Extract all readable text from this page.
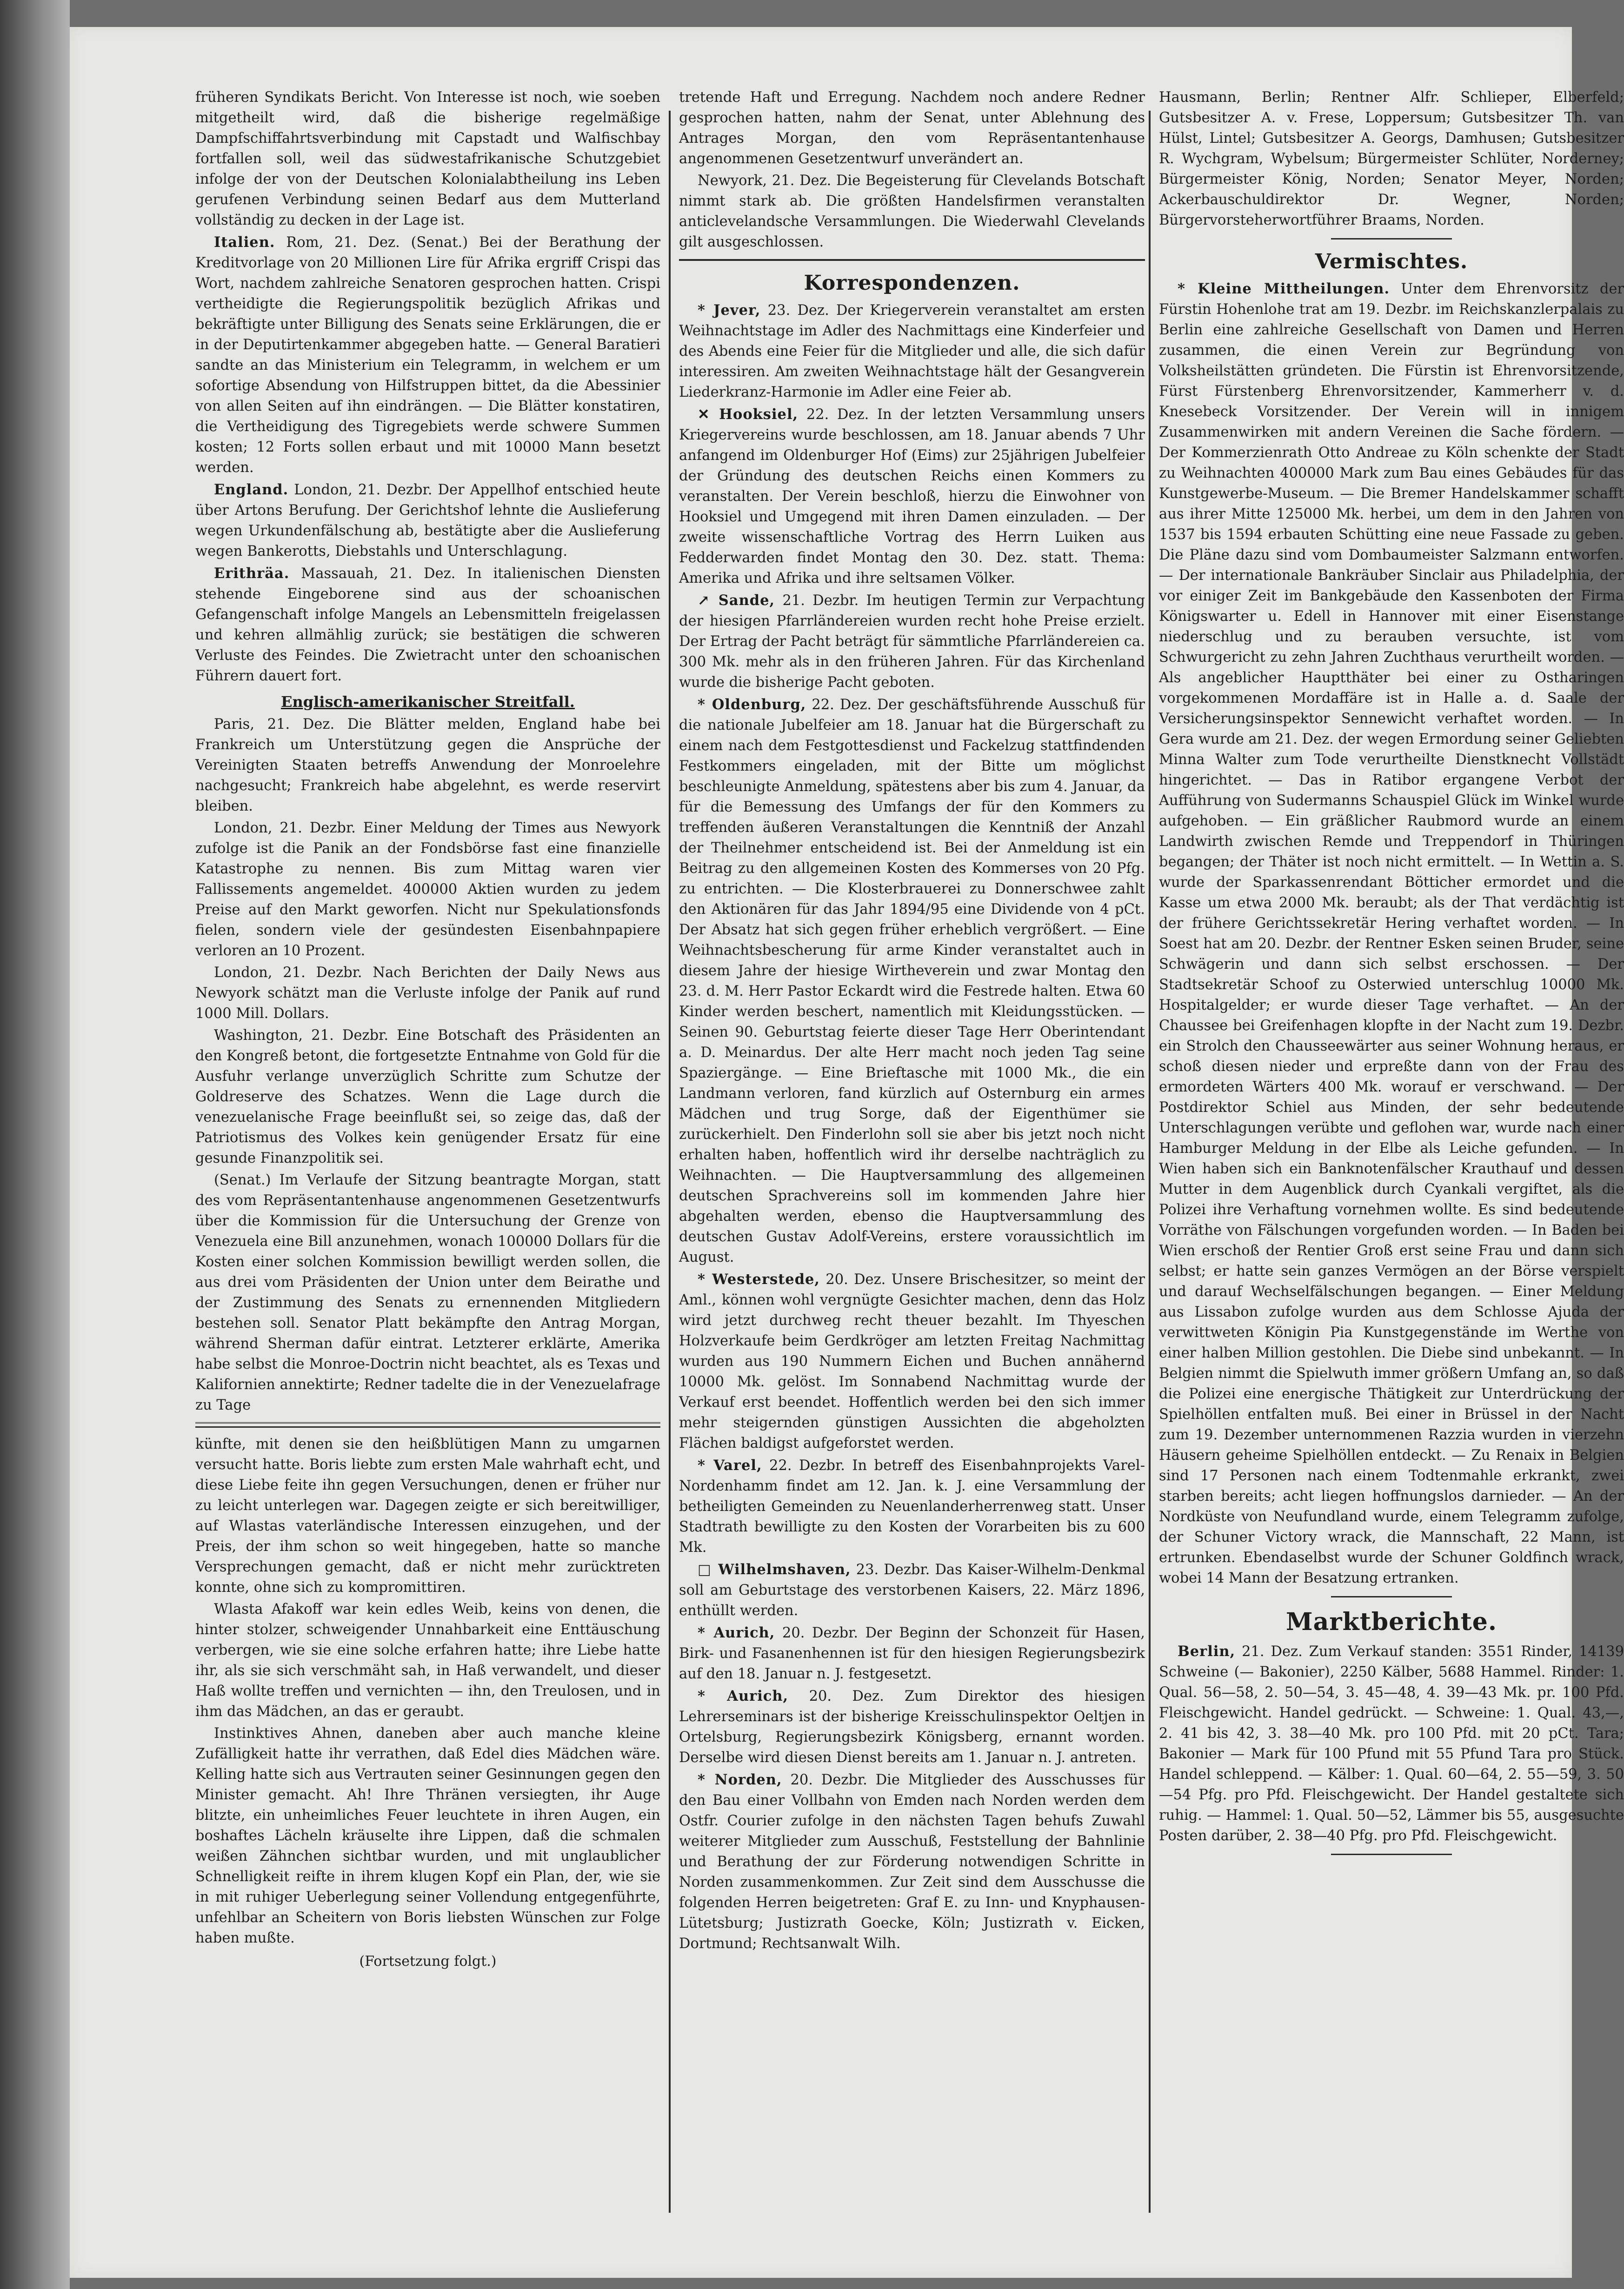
früheren Syndikats Bericht. Von Interesse ist noch, wie soeben mitgetheilt wird, daß die bisherige regelmäßige Dampfschiffahrtsverbindung mit Capstadt und Walfischbay fortfallen soll, weil das südwestafrikanische Schutzgebiet infolge der von der Deutschen Kolonialabtheilung ins Leben gerufenen Verbindung seinen Bedarf aus dem Mutterland vollständig zu decken in der Lage ist.

Italien. Rom, 21. Dez. (Senat.) Bei der Berathung der Kreditvorlage von 20 Millionen Lire für Afrika ergriff Crispi das Wort, nachdem zahlreiche Senatoren gesprochen hatten. Crispi vertheidigte die Regierungspolitik bezüglich Afrikas und bekräftigte unter Billigung des Senats seine Erklärungen, die er in der Deputirtenkammer abgegeben hatte. — General Baratieri sandte an das Ministerium ein Telegramm, in welchem er um sofortige Absendung von Hilfstruppen bittet, da die Abessinier von allen Seiten auf ihn eindrängen. — Die Blätter konstatiren, die Vertheidigung des Tigregebiets werde schwere Summen kosten; 12 Forts sollen erbaut und mit 10000 Mann besetzt werden.

England. London, 21. Dezbr. Der Appellhof entschied heute über Artons Berufung. Der Gerichtshof lehnte die Auslieferung wegen Urkundenfälschung ab, bestätigte aber die Auslieferung wegen Bankerotts, Diebstahls und Unterschlagung.

Erithräa. Massauah, 21. Dez. In italienischen Diensten stehende Eingeborene sind aus der schoanischen Gefangenschaft infolge Mangels an Lebensmitteln freigelassen und kehren allmählig zurück; sie bestätigen die schweren Verluste des Feindes. Die Zwietracht unter den schoanischen Führern dauert fort.

Englisch-amerikanischer Streitfall.

Paris, 21. Dez. Die Blätter melden, England habe bei Frankreich um Unterstützung gegen die Ansprüche der Vereinigten Staaten betreffs Anwendung der Monroelehre nachgesucht; Frankreich habe abgelehnt, es werde reservirt bleiben.

London, 21. Dezbr. Einer Meldung der Times aus Newyork zufolge ist die Panik an der Fondsbörse fast eine finanzielle Katastrophe zu nennen. Bis zum Mittag waren vier Fallissements angemeldet. 400000 Aktien wurden zu jedem Preise auf den Markt geworfen. Nicht nur Spekulationsfonds fielen, sondern viele der gesündesten Eisenbahnpapiere verloren an 10 Prozent.

London, 21. Dezbr. Nach Berichten der Daily News aus Newyork schätzt man die Verluste infolge der Panik auf rund 1000 Mill. Dollars.

Washington, 21. Dezbr. Eine Botschaft des Präsidenten an den Kongreß betont, die fortgesetzte Entnahme von Gold für die Ausfuhr verlange unverzüglich Schritte zum Schutze der Goldreserve des Schatzes. Wenn die Lage durch die venezuelanische Frage beeinflußt sei, so zeige das, daß der Patriotismus des Volkes kein genügender Ersatz für eine gesunde Finanzpolitik sei.

(Senat.) Im Verlaufe der Sitzung beantragte Morgan, statt des vom Repräsentantenhause angenommenen Gesetzentwurfs über die Kommission für die Untersuchung der Grenze von Venezuela eine Bill anzunehmen, wonach 100000 Dollars für die Kosten einer solchen Kommission bewilligt werden sollen, die aus drei vom Präsidenten der Union unter dem Beirathe und der Zustimmung des Senats zu ernennenden Mitgliedern bestehen soll. Senator Platt bekämpfte den Antrag Morgan, während Sherman dafür eintrat. Letzterer erklärte, Amerika habe selbst die Monroe-Doctrin nicht beachtet, als es Texas und Kalifornien annektirte; Redner tadelte die in der Venezuelafrage zu Tage

künfte, mit denen sie den heißblütigen Mann zu umgarnen versucht hatte. Boris liebte zum ersten Male wahrhaft echt, und diese Liebe feite ihn gegen Versuchungen, denen er früher nur zu leicht unterlegen war. Dagegen zeigte er sich bereitwilliger, auf Wlastas vaterländische Interessen einzugehen, und der Preis, der ihm schon so weit hingegeben, hatte so manche Versprechungen gemacht, daß er nicht mehr zurücktreten konnte, ohne sich zu kompromittiren.

Wlasta Afakoff war kein edles Weib, keins von denen, die hinter stolzer, schweigender Unnahbarkeit eine Enttäuschung verbergen, wie sie eine solche erfahren hatte; ihre Liebe hatte ihr, als sie sich verschmäht sah, in Haß verwandelt, und dieser Haß wollte treffen und vernichten — ihn, den Treulosen, und in ihm das Mädchen, an das er geraubt.

Instinktives Ahnen, daneben aber auch manche kleine Zufälligkeit hatte ihr verrathen, daß Edel dies Mädchen wäre. Kelling hatte sich aus Vertrauten seiner Gesinnungen gegen den Minister gemacht. Ah! Ihre Thränen versiegten, ihr Auge blitzte, ein unheimliches Feuer leuchtete in ihren Augen, ein boshaftes Lächeln kräuselte ihre Lippen, daß die schmalen weißen Zähnchen sichtbar wurden, und mit unglaublicher Schnelligkeit reifte in ihrem klugen Kopf ein Plan, der, wie sie in mit ruhiger Ueberlegung seiner Vollendung entgegenführte, unfehlbar an Scheitern von Boris liebsten Wünschen zur Folge haben mußte.

(Fortsetzung folgt.)

tretende Haft und Erregung. Nachdem noch andere Redner gesprochen hatten, nahm der Senat, unter Ablehnung des Antrages Morgan, den vom Repräsentantenhause angenommenen Gesetzentwurf unverändert an.

Newyork, 21. Dez. Die Begeisterung für Clevelands Botschaft nimmt stark ab. Die größten Handelsfirmen veranstalten anticlevelandsche Versammlungen. Die Wiederwahl Clevelands gilt ausgeschlossen.

Korrespondenzen.

* Jever, 23. Dez. Der Kriegerverein veranstaltet am ersten Weihnachtstage im Adler des Nachmittags eine Kinderfeier und des Abends eine Feier für die Mitglieder und alle, die sich dafür interessiren. Am zweiten Weihnachtstage hält der Gesangverein Liederkranz-Harmonie im Adler eine Feier ab.

✕ Hooksiel, 22. Dez. In der letzten Versammlung unsers Kriegervereins wurde beschlossen, am 18. Januar abends 7 Uhr anfangend im Oldenburger Hof (Eims) zur 25jährigen Jubelfeier der Gründung des deutschen Reichs einen Kommers zu veranstalten. Der Verein beschloß, hierzu die Einwohner von Hooksiel und Umgegend mit ihren Damen einzuladen. — Der zweite wissenschaftliche Vortrag des Herrn Luiken aus Fedderwarden findet Montag den 30. Dez. statt. Thema: Amerika und Afrika und ihre seltsamen Völker.

↗ Sande, 21. Dezbr. Im heutigen Termin zur Verpachtung der hiesigen Pfarrländereien wurden recht hohe Preise erzielt. Der Ertrag der Pacht beträgt für sämmtliche Pfarrländereien ca. 300 Mk. mehr als in den früheren Jahren. Für das Kirchenland wurde die bisherige Pacht geboten.

* Oldenburg, 22. Dez. Der geschäftsführende Ausschuß für die nationale Jubelfeier am 18. Januar hat die Bürgerschaft zu einem nach dem Festgottesdienst und Fackelzug stattfindenden Festkommers eingeladen, mit der Bitte um möglichst beschleunigte Anmeldung, spätestens aber bis zum 4. Januar, da für die Bemessung des Umfangs der für den Kommers zu treffenden äußeren Veranstaltungen die Kenntniß der Anzahl der Theilnehmer entscheidend ist. Bei der Anmeldung ist ein Beitrag zu den allgemeinen Kosten des Kommerses von 20 Pfg. zu entrichten. — Die Klosterbrauerei zu Donnerschwee zahlt den Aktionären für das Jahr 1894/95 eine Dividende von 4 pCt. Der Absatz hat sich gegen früher erheblich vergrößert. — Eine Weihnachtsbescherung für arme Kinder veranstaltet auch in diesem Jahre der hiesige Wirtheverein und zwar Montag den 23. d. M. Herr Pastor Eckardt wird die Festrede halten. Etwa 60 Kinder werden beschert, namentlich mit Kleidungsstücken. — Seinen 90. Geburtstag feierte dieser Tage Herr Oberintendant a. D. Meinardus. Der alte Herr macht noch jeden Tag seine Spaziergänge. — Eine Brieftasche mit 1000 Mk., die ein Landmann verloren, fand kürzlich auf Osternburg ein armes Mädchen und trug Sorge, daß der Eigenthümer sie zurückerhielt. Den Finderlohn soll sie aber bis jetzt noch nicht erhalten haben, hoffentlich wird ihr derselbe nachträglich zu Weihnachten. — Die Hauptversammlung des allgemeinen deutschen Sprachvereins soll im kommenden Jahre hier abgehalten werden, ebenso die Hauptversammlung des deutschen Gustav Adolf-Vereins, erstere voraussichtlich im August.

* Westerstede, 20. Dez. Unsere Brischesitzer, so meint der Aml., können wohl vergnügte Gesichter machen, denn das Holz wird jetzt durchweg recht theuer bezahlt. Im Thyeschen Holzverkaufe beim Gerdkröger am letzten Freitag Nachmittag wurden aus 190 Nummern Eichen und Buchen annähernd 10000 Mk. gelöst. Im Sonnabend Nachmittag wurde der Verkauf erst beendet. Hoffentlich werden bei den sich immer mehr steigernden günstigen Aussichten die abgeholzten Flächen baldigst aufgeforstet werden.

* Varel, 22. Dezbr. In betreff des Eisenbahnprojekts Varel-Nordenhamm findet am 12. Jan. k. J. eine Versammlung der betheiligten Gemeinden zu Neuenlanderherrenweg statt. Unser Stadtrath bewilligte zu den Kosten der Vorarbeiten bis zu 600 Mk.

□ Wilhelmshaven, 23. Dezbr. Das Kaiser-Wilhelm-Denkmal soll am Geburtstage des verstorbenen Kaisers, 22. März 1896, enthüllt werden.

* Aurich, 20. Dezbr. Der Beginn der Schonzeit für Hasen, Birk- und Fasanenhennen ist für den hiesigen Regierungsbezirk auf den 18. Januar n. J. festgesetzt.

* Aurich, 20. Dez. Zum Direktor des hiesigen Lehrerseminars ist der bisherige Kreisschulinspektor Oeltjen in Ortelsburg, Regierungsbezirk Königsberg, ernannt worden. Derselbe wird diesen Dienst bereits am 1. Januar n. J. antreten.

* Norden, 20. Dezbr. Die Mitglieder des Ausschusses für den Bau einer Vollbahn von Emden nach Norden werden dem Ostfr. Courier zufolge in den nächsten Tagen behufs Zuwahl weiterer Mitglieder zum Ausschuß, Feststellung der Bahnlinie und Berathung der zur Förderung notwendigen Schritte in Norden zusammenkommen. Zur Zeit sind dem Ausschusse die folgenden Herren beigetreten: Graf E. zu Inn- und Knyphausen-Lütetsburg; Justizrath Goecke, Köln; Justizrath v. Eicken, Dortmund; Rechtsanwalt Wilh.

Hausmann, Berlin; Rentner Alfr. Schlieper, Elberfeld; Gutsbesitzer A. v. Frese, Loppersum; Gutsbesitzer Th. van Hülst, Lintel; Gutsbesitzer A. Georgs, Damhusen; Gutsbesitzer R. Wychgram, Wybelsum; Bürgermeister Schlüter, Norderney; Bürgermeister König, Norden; Senator Meyer, Norden; Ackerbauschuldirektor Dr. Wegner, Norden; Bürgervorsteherwortführer Braams, Norden.

Vermischtes.

* Kleine Mittheilungen. Unter dem Ehrenvorsitz der Fürstin Hohenlohe trat am 19. Dezbr. im Reichskanzlerpalais zu Berlin eine zahlreiche Gesellschaft von Damen und Herren zusammen, die einen Verein zur Begründung von Volksheilstätten gründeten. Die Fürstin ist Ehrenvorsitzende, Fürst Fürstenberg Ehrenvorsitzender, Kammerherr v. d. Knesebeck Vorsitzender. Der Verein will in innigem Zusammenwirken mit andern Vereinen die Sache fördern. — Der Kommerzienrath Otto Andreae zu Köln schenkte der Stadt zu Weihnachten 400000 Mark zum Bau eines Gebäudes für das Kunstgewerbe-Museum. — Die Bremer Handelskammer schafft aus ihrer Mitte 125000 Mk. herbei, um dem in den Jahren von 1537 bis 1594 erbauten Schütting eine neue Fassade zu geben. Die Pläne dazu sind vom Dombaumeister Salzmann entworfen. — Der internationale Bankräuber Sinclair aus Philadelphia, der vor einiger Zeit im Bankgebäude den Kassenboten der Firma Königswarter u. Edell in Hannover mit einer Eisenstange niederschlug und zu berauben versuchte, ist vom Schwurgericht zu zehn Jahren Zuchthaus verurtheilt worden. — Als angeblicher Hauptthäter bei einer zu Ostharingen vorgekommenen Mordaffäre ist in Halle a. d. Saale der Versicherungsinspektor Sennewicht verhaftet worden. — In Gera wurde am 21. Dez. der wegen Ermordung seiner Geliebten Minna Walter zum Tode verurtheilte Dienstknecht Vollstädt hingerichtet. — Das in Ratibor ergangene Verbot der Aufführung von Sudermanns Schauspiel Glück im Winkel wurde aufgehoben. — Ein gräßlicher Raubmord wurde an einem Landwirth zwischen Remde und Treppendorf in Thüringen begangen; der Thäter ist noch nicht ermittelt. — In Wettin a. S. wurde der Sparkassenrendant Bötticher ermordet und die Kasse um etwa 2000 Mk. beraubt; als der That verdächtig ist der frühere Gerichtssekretär Hering verhaftet worden. — In Soest hat am 20. Dezbr. der Rentner Esken seinen Bruder, seine Schwägerin und dann sich selbst erschossen. — Der Stadtsekretär Schoof zu Osterwied unterschlug 10000 Mk. Hospitalgelder; er wurde dieser Tage verhaftet. — An der Chaussee bei Greifenhagen klopfte in der Nacht zum 19. Dezbr. ein Strolch den Chausseewärter aus seiner Wohnung heraus, er schoß diesen nieder und erpreßte dann von der Frau des ermordeten Wärters 400 Mk. worauf er verschwand. — Der Postdirektor Schiel aus Minden, der sehr bedeutende Unterschlagungen verübte und geflohen war, wurde nach einer Hamburger Meldung in der Elbe als Leiche gefunden. — In Wien haben sich ein Banknotenfälscher Krauthauf und dessen Mutter in dem Augenblick durch Cyankali vergiftet, als die Polizei ihre Verhaftung vornehmen wollte. Es sind bedeutende Vorräthe von Fälschungen vorgefunden worden. — In Baden bei Wien erschoß der Rentier Groß erst seine Frau und dann sich selbst; er hatte sein ganzes Vermögen an der Börse verspielt und darauf Wechselfälschungen begangen. — Einer Meldung aus Lissabon zufolge wurden aus dem Schlosse Ajuda der verwittweten Königin Pia Kunstgegenstände im Werthe von einer halben Million gestohlen. Die Diebe sind unbekannt. — In Belgien nimmt die Spielwuth immer größern Umfang an, so daß die Polizei eine energische Thätigkeit zur Unterdrückung der Spielhöllen entfalten muß. Bei einer in Brüssel in der Nacht zum 19. Dezember unternommenen Razzia wurden in vierzehn Häusern geheime Spielhöllen entdeckt. — Zu Renaix in Belgien sind 17 Personen nach einem Todtenmahle erkrankt, zwei starben bereits; acht liegen hoffnungslos darnieder. — An der Nordküste von Neufundland wurde, einem Telegramm zufolge, der Schuner Victory wrack, die Mannschaft, 22 Mann, ist ertrunken. Ebendaselbst wurde der Schuner Goldfinch wrack, wobei 14 Mann der Besatzung ertranken.

Marktberichte.

Berlin, 21. Dez. Zum Verkauf standen: 3551 Rinder, 14139 Schweine (— Bakonier), 2250 Kälber, 5688 Hammel. Rinder: 1. Qual. 56—58, 2. 50—54, 3. 45—48, 4. 39—43 Mk. pr. 100 Pfd. Fleischgewicht. Handel gedrückt. — Schweine: 1. Qual. 43,—, 2. 41 bis 42, 3. 38—40 Mk. pro 100 Pfd. mit 20 pCt. Tara; Bakonier — Mark für 100 Pfund mit 55 Pfund Tara pro Stück. Handel schleppend. — Kälber: 1. Qual. 60—64, 2. 55—59, 3. 50—54 Pfg. pro Pfd. Fleischgewicht. Der Handel gestaltete sich ruhig. — Hammel: 1. Qual. 50—52, Lämmer bis 55, ausgesuchte Posten darüber, 2. 38—40 Pfg. pro Pfd. Fleischgewicht.
